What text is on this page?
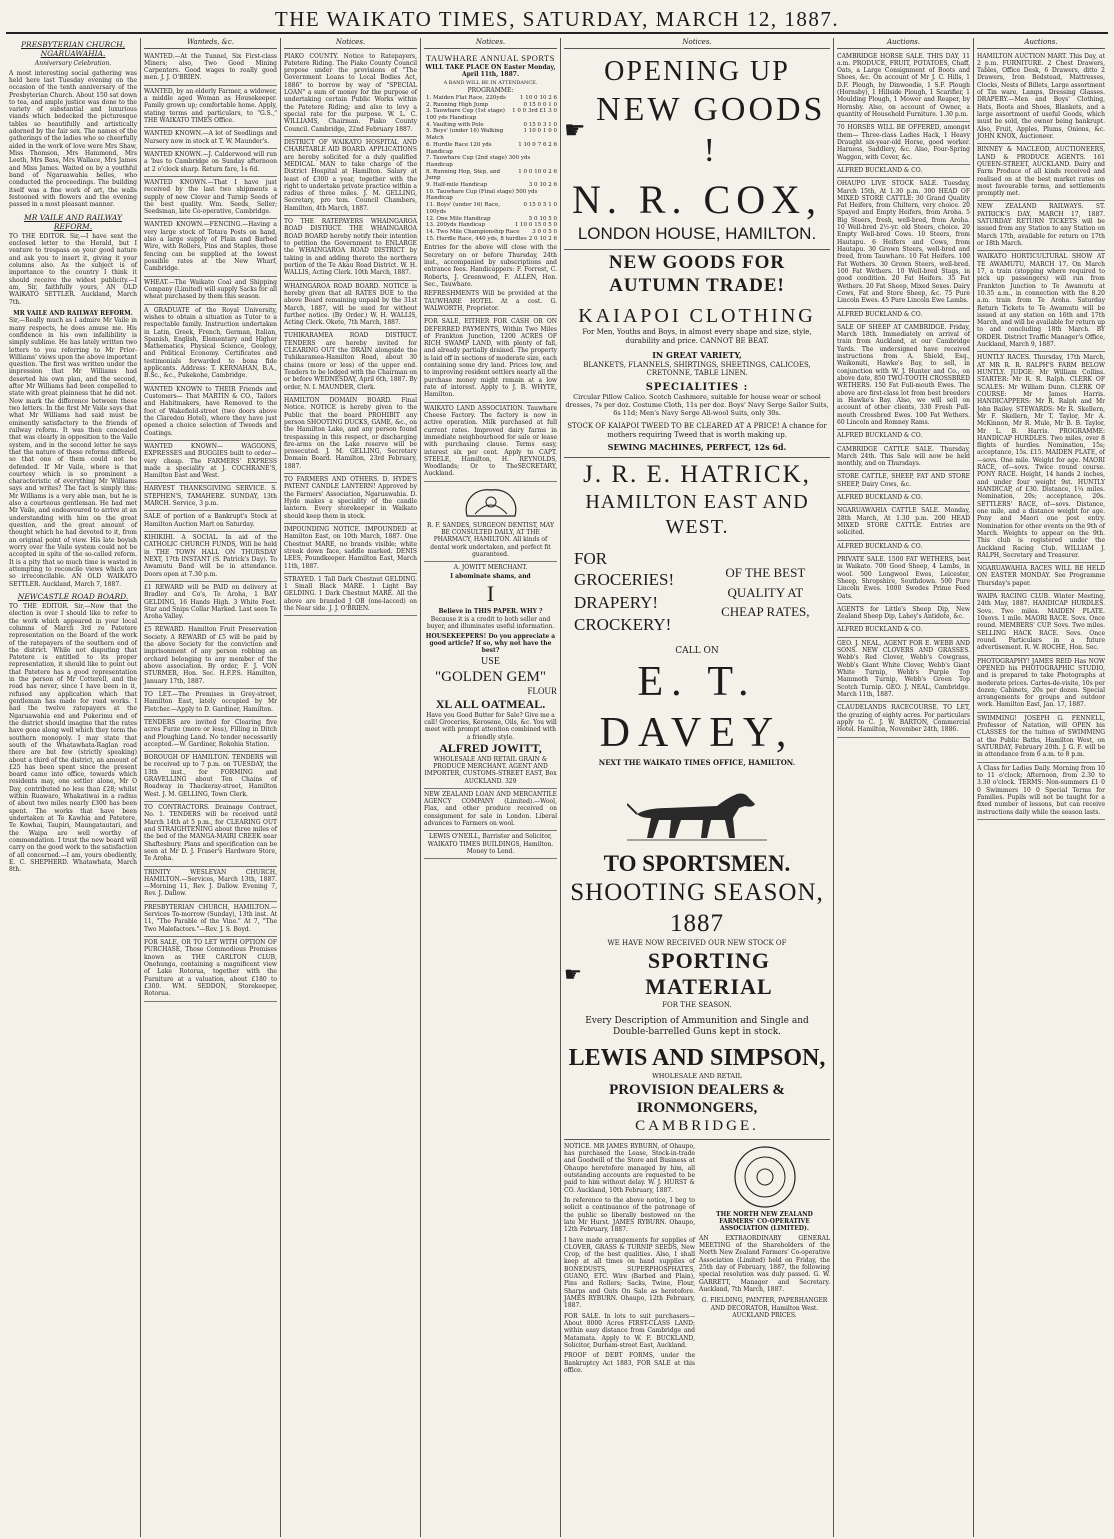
THE WAIKATO TIMES, SATURDAY, MARCH 12, 1887.
PRESBYTERIAN CHURCH, NGARUAWAHIA.
Anniversary Celebration.
A most interesting social gathering was held here last Tuesday evening on the occasion of the tenth anniversary of the Presbyterian Church. About 150 sat down to tea, and ample justice was done to the variety of substantial and luxurious viands which bedecked the picturesque tables so beautifully and artistically adorned by the fair sex. The names of the gatherings of the ladies who so cheerfully aided in the work of love were Mrs Shaw, Miss Thomson, Mrs Hammond, Mrs Leeth, Mrs Bass, Mrs Wallace, Mrs James and Miss James. Waited on by a youthful band of Ngaruawahia belles, who conducted the proceedings. The building itself was a fine work of art, the walls festooned with flowers and the evening passed in a most pleasant manner.
MR VAILE AND RAILWAY REFORM.
TO THE EDITOR. Sir,—I have sent the enclosed letter to the Herald, but I venture to trespass on your good nature and ask you to insert it, giving it your columns also. As the subject is of importance to the country I think it should receive the widest publicity.—I am, Sir, faithfully yours, AN OLD WAIKATO SETTLER. Auckland, March 7th.
MR VAILE AND RAILWAY REFORM.
Sir,—Really much as I admire Mr Vaile in many respects, he does amuse me. His confidence in his own infallibility is simply sublime. He has lately written two letters to you referring to Mr Prior-Williams' views upon the above important question. The first was written under the impression that Mr Williams had deserted his own plan, and the second, after Mr Williams had been compelled to state with great plainness that he did not. Now mark the difference between these two letters. In the first Mr Vaile says that what Mr Williams had said must be eminently satisfactory to the friends of railway reform. It was then concealed that was clearly in opposition to the Vaile system, and in the second letter he says that the nature of these reforms differed, so that one of them could not be defended. If Mr Vaile, where is that courtesy which is so prominent a characteristic of everything Mr Williams says and writes? The fact is simply this: Mr Williams is a very able man, but he is also a courteous gentleman. He had met Mr Vaile, and endeavoured to arrive at an understanding with him on the great question, and the great amount of thought which he had devoted to it, from an original point of view. His late boyish worry over the Vaile system could not be accepted in spite of the so-called reform. It is a pity that so much time is wasted in attempting to reconcile views which are so irreconcilable. AN OLD WAIKATO SETTLER. Auckland, March 7, 1887.
NEWCASTLE ROAD BOARD.
TO THE EDITOR. Sir,—Now that the election is over I should like to refer to the work which appeared in your local columns of March 3rd re Patetere representation on the Board of the work of the ratepayers of the southern end of the district. While not disputing that Patetere is entitled to its proper representation, it should like to point out that Patetere has a good representation in the person of Mr Cotterell, and the road has never, since I have been in it, refused any application which that gentleman has made for road works. I had the twelve ratepayers at the Ngaruawahia end and Pukerimu end of the district should imagine that the rates have gone along well which they term the southern monopoly. I may state that south of the Whatawhata-Raglan road there are but few (strictly speaking) about a third of the district, an amount of £25 has been spent since the present board came into office, towards which residents may, one settler alone, Mr O Day, contributed no less than £28; whilst within Ruawaro, Whakatiwai in a radius of about two miles nearly £300 has been spent. The works that have been undertaken at Te Kawhia and Patetere, Te Kowhai, Taupiri, Maungatautari, and the Waipa are well worthy of commendation. I trust the new board will carry on the good work to the satisfaction of all concerned.—I am, yours obediently, E. C. SHEPHERD. Whatawhata, March 8th.
Wanteds, &c.
WANTED.—At the Tunnel, Six First-class Miners; also, Two Good Mining Carpenters. Good wages to really good men. J. J. O'BRIEN.
WANTED, by an elderly Farmer, a widower, a middle aged Woman as Housekeeper. Family grown up; comfortable home. Apply, stating terms and particulars, to "G.S.," THE WAIKATO TIMES Office.
WANTED KNOWN.—A lot of Seedlings and Nursery now in stock at T. W. Maunder's.
WANTED KNOWN.—J. Calderwood will run a 'bus to Cambridge on Sunday afternoon at 2 o'clock sharp. Return fare, 1s 6d.
WANTED KNOWN.—That I have just received by the last two shipments a supply of new Clover and Turnip Seeds of the best quality. Wm. Seeds, Seller; Seedsman, late Co-operative, Cambridge.
WANTED KNOWN.—FENCING.—Having a very large stock of Totara Posts on hand, also a large supply of Plain and Barbed Wire, with Rollers, Pins and Staples, those fencing can be supplied at the lowest possible rates at the New Wharf, Cambridge.
WHEAT.—The Waikato Coal and Shipping Company (Limited) will supply Sacks for all wheat purchased by them this season.
A GRADUATE of the Royal University, wishes to obtain a situation as Tutor to a respectable family. Instruction undertaken in Latin, Greek, French, German, Italian, Spanish, English, Elementary and Higher Mathematics, Physical Science, Geology, and Political Economy. Certificates and testimonials forwarded to bona fide applicants. Address: T. KERNAHAN, B.A., B.Sc., &c., Pukekohe, Cambridge.
WANTED KNOWN to THEIR Friends and Customers— That MARTIN & CO., Tailors and Habitmakers, have Removed to the foot of Wakefield-street (two doors above the Claredon Hotel), where they have just opened a choice selection of Tweeds and Coatings.
WANTED KNOWN— WAGGONS, EXPRESSES and BUGGIES built to order—very cheap. The FARMERS' EXPRESS made a speciality at J. COCHRANE'S, Hamilton East and West.
HARVEST THANKSGIVING SERVICE. S. STEPHEN'S, TAMAHERE. SUNDAY, 13th MARCH. Service, 3 p.m.
SALE of portion of a Bankrupt's Stock at Hamilton Auction Mart on Saturday.
KIHIKIHI. A SOCIAL. In aid of the CATHOLIC CHURCH FUNDS, Will be held in THE TOWN HALL ON THURSDAY NEXT, 17th INSTANT (S. Patrick's Day). To Awamutu Band will be in attendance. Doors open at 7.30 p.m.
£1 REWARD will be PAID on delivery at Bradley and Co's, Te Aroha, 1 BAY GELDING, 16 Hands High. 3 White Feet. Star and Snips Collar Marked. Last seen Te Aroha Valley.
£5 REWARD. Hamilton Fruit Preservation Society. A REWARD of £5 will be paid by the above Society for the conviction and imprisonment of any person robbing an orchard belonging to any member of the above association. By order, F. J. VON STURMER, Hon. Sec. H.F.P.S. Hamilton, January 17th, 1887.
TO LET.—The Premises in Grey-street, Hamilton East, lately occupied by Mr Fletcher.—Apply to D. Gardiner, Hamilton.
TENDERS are invited for Clearing five acres Furze (more or less), Filling in Ditch and Ploughing Land. No tender necessarily accepted.—W. Gardiner, Rokohia Station.
BOROUGH OF HAMILTON. TENDERS will be received up to 7 p.m. on TUESDAY, the 13th inst., for FORMING and GRAVELLING about Ten Chains of Roadway in Thackeray-street, Hamilton West. J. M. GELLING, Town Clerk.
TO CONTRACTORS. Drainage Contract, No. 1. TENDERS will be received until March 14th at 5 p.m., for CLEARING OUT and STRAIGHTENING about three miles of the bed of the MANGA-MAIRI CREEK near Shaftesbury. Plans and specification can be seen at Mr D. J. Fraser's Hardware Store, Te Aroha.
TRINITY WESLEYAN CHURCH, HAMILTON.—Services, March 13th, 1887.—Morning 11, Rev. J. Dallow. Evening 7, Rev. J. Dallow.
PRESBYTERIAN CHURCH, HAMILTON.—Services To-morrow (Sunday), 13th inst. At 11, "The Parable of the Vine." At 7, "The Two Malefactors."—Rev. J. S. Boyd.
FOR SALE, OR TO LET WITH OPTION OF PURCHASE, Those Commodious Premises known as THE CARLTON CLUB, Onehunga, containing a magnificent view of Lake Rotorua, together with the Furniture at a valuation, about £180 to £300. WM. SEDDON, Storekeeper, Rotorua.
Notices.
PIAKO COUNTY. Notice to Ratepayers, Patetere Riding. The Piako County Council propose under the provisions of "The Government Loans to Local Bodies Act, 1886" to borrow by way of "SPECIAL LOAN" a sum of money for the purpose of undertaking certain Public Works within the Patetere Riding; and also to levy a special rate for the purpose. W. L. C. WILLIAMS, Chairman. Piako County Council. Cambridge, 22nd February 1887.
DISTRICT OF WAIKATO HOSPITAL AND CHARITABLE AID BOARD. APPLICATIONS are hereby solicited for a duly qualified MEDICAL MAN to take charge of the District Hospital at Hamilton. Salary at least of £300 a year, together with the right to undertake private practice within a radius of three miles. J. M. GELLING, Secretary, pro tem. Council Chambers, Hamilton, 4th March, 1887.
TO THE RATEPAYERS WHAINGAROA ROAD DISTRICT. THE WHAINGAROA ROAD BOARD hereby notify their intention to petition the Government to ENLARGE the WHAINGAROA ROAD DISTRICT by taking in and adding thereto the northern portion of the Te Akau Road District. W. H. WALLIS, Acting Clerk. 10th March, 1887.
WHAINGAROA ROAD BOARD. NOTICE is hereby given that all RATES DUE to the above Board remaining unpaid by the 31st March, 1887, will be sued for without further notice. (By Order.) W. H. WALLIS, Acting Clerk. Okete, 7th March, 1887.
TUHIKARAMEA ROAD DISTRICT. TENDERS are hereby invited for CLEARING OUT the DRAIN alongside the Tuhikaramea-Hamilton Road, about 30 chains (more or less) of the upper end. Tenders to be lodged with the Chairman on or before WEDNESDAY, April 6th, 1887. By order, N. I. MAUNDER, Clerk.
HAMILTON DOMAIN BOARD. Final Notice. NOTICE is hereby given to the Public that the board PROHIBIT any person SHOOTING DUCKS, GAME, &c., on the Hamilton Lake, and any person found trespassing in this respect, or discharging fire-arms on the Lake reserve will be prosecuted. J. M. GELLING, Secretary Domain Board. Hamilton, 23rd February, 1887.
TO FARMERS AND OTHERS. D. HYDE'S PATENT CANDLE LANTERN! Approved by the Farmers' Association, Ngaruawahia. D. Hyde makes a speciality of the candle lantern. Every storekeeper in Waikato should keep them in stock.
IMPOUNDING NOTICE. IMPOUNDED at Hamilton East, on 10th March, 1887. One Chestnut MARE, no brands visible; white streak down face, saddle marked. DENIS LEES, Poundkeeper. Hamilton East, March 11th, 1887.
STRAYED. 1 Tall Dark Chestnut GELDING. 1 Small Black MARE. 1 Light Bay GELDING. 1 Dark Chestnut MARE. All the above are branded J OB (one-lacced) on the Near side. J. J. O'BRIEN.
Notices.
TAUWHARE ANNUAL SPORTS
WILL TAKE PLACE ON Easter Monday, April 11th, 1887.
A BAND WILL BE IN ATTENDANCE.
PROGRAMME:
1. Maiden Flat Race, 220yds	1 10 0 10 2 6
2. Running High Jump	0 15 0 0 1 0
3. Tauwhare Cup (1st stage) 100 yds Handicap
1 0 0 3rd £1 3 0
4. Vaulting with Pole	0 15 0 3 1 0
5. Boys' (under 16) Walking Match
1 10 0 1 0 0
6. Hurdle Race 120 yds Handicap
1 10 0 7 6 2 6
7. Tauwhare Cup (2nd stage) 300 yds Handicap
8. Running Hop, Step, and Jump
1 0 0 10 0 2 6
9. Half-mile Handicap	3 0 10 2 6
10. Tauwhare Cup (Final stage) 500 yds Handicap
11. Boys' (under 16) Race, 100yds
0 15 0 5 1 0
12. One Mile Handicap	5 0 10 5 0
13. 200yds Handicap	1 10 0 15 0 5 0
14. Two Mile Championship Race	3 0 0 5 0
15. Hurdle Race, 440 yds, 8 hurdles 2 0 10 2 6
Entries for the above will close with the Secretary on or before Thursday, 24th inst., accompanied by subscriptions and entrance fees. Handicappers: F. Forrest, C. Roberts, J. Greenwood, F. ALLEN, Hon. Sec., Tauwhare.
REFRESHMENTS Will be provided at the TAUWHARE HOTEL At a cost. G. WALWORTH, Proprietor.
FOR SALE, EITHER FOR CASH OR ON DEFERRED PAYMENTS, Within Two Miles of Frankton Junction, 1200 ACRES OF RICH SWAMP LAND, with plenty of fall, and already partially drained. The property is laid off in sections of moderate size, each containing some dry land. Prices low, and to improving resident settlers nearly all the purchase money might remain at a low rate of interest. Apply to J. B. WHYTE, Hamilton.
WAIKATO LAND ASSOCIATION. Tauwhare Cheese Factory. The factory is now in active operation. Milk purchased at full current rates. Improved dairy farms in immediate neighbourhood for sale or lease with purchasing clause. Terms easy, interest six per cent. Apply to CAPT. STEELE, Hamilton, H. REYNOLDS, Woodlands; Or to TheSECRETARY, Auckland.
R. F. SANDES, SURGEON DENTIST, MAY BE CONSULTED DAILY, AT THE PHARMACY, HAMILTON. All kinds of dental work undertaken, and perfect fit guaranteed.
A. JOWITT MERCHANT.
I abominate shams, and
I
Believe in THIS PAPER. WHY ?
Because it is a credit to both seller and buyer, and illuminates useful information.
HOUSEKEEPERS! Do you appreciate a good article? If so, why not have the best?
USE
"GOLDEN GEM"
FLOUR
XL ALL OATMEAL.
Have you Good Butter for Sale? Give me a call! Groceries, Kerosene, Oils, &c. You will meet with prompt attention combined with a friendly style.
ALFRED JOWITT,
WHOLESALE AND RETAIL GRAIN & PRODUCE MERCHANT. AGENT AND IMPORTER, CUSTOMS-STREET EAST, Box AUCKLAND. 329
NEW ZEALAND LOAN AND MERCANTILE AGENCY COMPANY (Limited).—Wool, Flax, and other produce received on consignment for sale in London. Liberal advances to Farmers on wool.
LEWIS O'NEILL, Barrister and Solicitor, WAIKATO TIMES BUILDINGS, Hamilton. Money to Lend.
Notices.
OPENING UP
☛
NEW GOODS !
N. R. COX,
LONDON HOUSE, HAMILTON.
NEW GOODS FOR AUTUMN TRADE!
KAIAPOI CLOTHING
For Men, Youths and Boys, in almost every shape and size, style, durability and price. CANNOT BE BEAT.
IN GREAT VARIETY,
BLANKETS, FLANNELS, SHIRTINGS, SHEETINGS, CALICOES, CRETONNE, TABLE LINEN.
SPECIALITIES :
Circular Pillow Calico. Scotch Cashmere, suitable for house wear or school dresses, 7s per doz. Costume Cloth, 11s per doz. Boys' Navy Serge Sailor Suits, 6s 11d; Men's Navy Serge All-wool Suits, only 30s.
STOCK OF KAIAPOI TWEED TO BE CLEARED AT A PRICE! A chance for mothers requiring Tweed that is worth making up.
SEWING MACHINES, PERFECT, 12s 6d.
J. R. E. HATRICK,
HAMILTON EAST AND WEST.
FOR GROCERIES!
DRAPERY!
CROCKERY!
OF THE BEST QUALITY AT CHEAP RATES,
CALL ON
E. T. DAVEY,
NEXT THE WAIKATO TIMES OFFICE, HAMILTON.
TO SPORTSMEN.
SHOOTING SEASON, 1887
WE HAVE NOW RECEIVED OUR NEW STOCK OF
☛
SPORTING MATERIAL
FOR THE SEASON.
Every Description of Ammunition and Single and Double-barrelled Guns kept in stock.
LEWIS AND SIMPSON,
WHOLESALE AND RETAIL
PROVISION DEALERS & IRONMONGERS,
CAMBRIDGE.
NOTICE. MR JAMES RYBURN, of Ohaupo, has purchased the Lease, Stock-in-trade and Goodwill of the Store and Business at Ohaupo heretofore managed by him, all outstanding accounts are requested to be paid to him without delay. W. J. HURST & CO. Auckland, 10th February, 1887.
In reference to the above notice, I beg to solicit a continuance of the patronage of the public so liberally bestowed on the late Mr Hurst. JAMES RYBURN. Ohaupo, 12th February, 1887.
I have made arrangements for supplies of CLOVER, GRASS & TURNIP SEEDS, New Crop, of the best qualities. Also, I shall keep at all times on hand supplies of BONEDUSTS, SUPERPHOSPHATES, GUANO, ETC. Wire (Barbed and Plain), Pins and Rollers; Sacks, Twine, Flour, Sharps and Oats On Sale as heretofore. JAMES RYBURN. Ohaupo, 12th February, 1887.
FOR SALE. In lots to suit purchasers—About 8000 Acres FIRST-CLASS LAND; within easy distance from Cambridge and Matamata. Apply to W. F. BUCKLAND, Solicitor, Durham-street East, Auckland.
PROOF of DEBT FORMS, under the Bankruptcy Act 1883, FOR SALE at this office.
THE NORTH NEW ZEALAND FARMERS' CO-OPERATIVE ASSOCIATION (LIMITED).
AN EXTRAORDINARY GENERAL MEETING of the Shareholders of the North New Zealand Farmers' Co-operative Association (Limited) held on Friday, the 25th day of February, 1887, the following special resolution was duly passed. G. W. GARRETT, Manager and Secretary. Auckland, 7th March, 1887.
G. FIELDING, PAINTER, PAPERHANGER AND DECORATOR, Hamilton West. AUCKLAND PRICES.
Auctions.
CAMBRIDGE HORSE SALE. THIS DAY, 11 a.m. PRODUCE, FRUIT, POTATOES, Chaff, Oats, a Large Consignment of Boots and Shoes, &c. On account of Mr J. C. Hills, 1 D.F. Plough, by Dinwoodie, 1 S.F. Plough (Hornsby), 1 Hillside Plough, 1 Scarifier, 1 Moulding Plough, 1 Mower and Reaper, by Hornsby. Also, on account of Owner, a quantity of Household Furniture. 1.30 p.m.
70 HORSES WILL BE OFFERED, amongst them— Three-class Ladies Hack, 1 Heavy Draught six-year-old Horse, good worker. Harness, Saddlery, &c. Also, Four-Spring Waggon, with Cover, &c.
ALFRED BUCKLAND & CO.
OHAUPO LIVE STOCK SALE. Tuesday, March 15th, At 1.30 p.m. 300 HEAD OF MIXED STORE CATTLE: 30 Grand Quality Fat Heifers, from Chiltern, very choice. 20 Spayed and Empty Heifers, from Aroha. 5 Big Steers, fresh, well-bred, from Aroha. 10 Well-bred 2½-yr. old Steers, choice. 20 Empty Well-bred Cows. 10 Steers, from Hautapu. 6 Heifers and Cows, from Hautapu. 30 Grown Steers, well-bred and freed, from Tauwhare. 10 Fat Heifers. 100 Fat Wethers. 30 Grown Steers, well-bred. 100 Fat Wethers. 10 Well-bred Stags, in good condition. 20 Fat Heifers. 35 Fat Wethers. 20 Fat Sheep, Mixed Sexes. Dairy Cows, Fat and Store Sheep, &c. 75 Pure Lincoln Ewes. 45 Pure Lincoln Ewe Lambs.
ALFRED BUCKLAND & CO.
SALE OF SHEEP AT CAMBRIDGE. Friday, March 18th. Immediately on arrival of train from Auckland, at our Cambridge Yards. The undersigned have received instructions from A. Shield, Esq., Waikomiti, Hawke's Bay, to sell, in conjunction with W. J. Hunter and Co., on above date, 850 TWO-TOOTH CROSSBRED WETHERS. 150 Fat Full-mouth Ewes. The above are first-class lot from best breeders in Hawke's Bay. Also, we will sell on account of other clients, 330 Fresh Full-mouth Crossbred Ewes. 100 Fat Wethers. 60 Lincoln and Romney Rams.
ALFRED BUCKLAND & CO.
CAMBRIDGE CATTLE SALE. Thursday, March 24th. This Sale will now be held monthly, and on Thursdays.
STORE CATTLE, SHEEP, FAT AND STORE SHEEP, Dairy Cows, &c.
ALFRED BUCKLAND & CO.
NGARUAWAHIA CATTLE SALE. Monday, 28th March, At 1.30 p.m. 200 HEAD MIXED STORE CATTLE. Entries are solicited.
ALFRED BUCKLAND & CO.
PRIVATE SALE. 1500 FAT WETHERS, best in Waikato. 700 Good Sheep, 4 Lambs, in wool. 500 Longwool Ewes, Leicester, Sheep, Shropshire, Southdown. 500 Pure Lincoln Ewes. 1000 Swedes Prime Feed Oats.
AGENTS for Little's Sheep Dip, New Zealand Sheep Dip, Lahey's Antidote, &c.
ALFRED BUCKLAND & CO.
GEO. J. NEAL, AGENT FOR E. WEBB AND SONS. NEW CLOVERS AND GRASSES. Webb's Red Clover, Webb's Cowgrass, Webb's Giant White Clover, Webb's Giant White Turnip, Webb's Purple Top Mammoth Turnip, Webb's Green Top Scotch Turnip. GEO. J. NEAL, Cambridge. March 11th, 1887.
CLAUDELANDS RACECOURSE. TO LET, the grazing of eighty acres. For particulars apply to C. J. W. BARTON, Commercial Hotel. Hamilton, November 24th, 1886.
Auctions.
HAMILTON AUCTION MART. This Day, at 2 p.m. FURNITURE. 2 Chest Drawers, Tables, Office Desk, 6 Drawers, ditto 2 Drawers, Iron Bedstead, Mattresses, Clocks, Nests of Billets, Large assortment of Tin ware, Lamps, Dressing Glasses. DRAPERY.—Men and Boys' Clothing, Hats, Boots and Shoes, Blankets, and a large assortment of useful Goods, which must be sold, the owner being bankrupt. Also, Fruit, Apples, Plums, Onions, &c. JOHN KNOX, Auctioneer.
BINNEY & MACLEOD, AUCTIONEERS, LAND & PRODUCE AGENTS. 161 QUEEN-STREET, AUCKLAND. Dairy and Farm Produce of all kinds received and realised on at the best market rates on most favourable terms, and settlements promptly met.
NEW ZEALAND RAILWAYS. ST. PATRICK'S DAY, MARCH 17, 1887. SATURDAY RETURN TICKETS will be issued from any Station to any Station on March 17th, available for return on 17th or 18th March.
WAIKATO HORTICULTURAL SHOW AT TE AWAMUTU, MARCH 17. On March 17, a train (stopping where required to pick up passengers) will run from Frankton Junction to Te Awamutu at 10.35 a.m., in connection with the 8.20 a.m. train from Te Aroha. Saturday Return Tickets to Te Awamutu will be issued at any station on 16th and 17th March, and will be available for return up to and concluding 18th March. BY ORDER. District Traffic Manager's Office, Auckland, March 9, 1887.
HUNTLY RACES. Thursday, 17th March, AT MR R. R. RALPH'S FARM BELOW HUNTLY. JUDGE: Mr William Collins. STARTER: Mr R. R. Ralph. CLERK OF SCALES: Mr William Dunn. CLERK OF COURSE: Mr James Harris. HANDICAPPERS: Mr R. Ralph and Mr John Bailey. STEWARDS: Mr R. Skellern, Mr F. Skellern, Mr T. Taylor, Mr A. McKinnon, Mr R. Mule, Mr B. B. Taylor, Mr L. B. Harris. PROGRAMME: HANDICAP HURDLES. Two miles, over 8 flights of hurdles. Nomination, 15s; acceptance, 15s. £15. MAIDEN PLATE, of—sovs. One mile. Weight for age. MAORI RACE, of—sovs. Twice round course. PONY RACE. Height, 14 hands 2 inches, and under four weight 9st. HUNTLY HANDICAP, of £30. Distance, 1¼ miles. Nomination, 20s; acceptance, 20s. SETTLERS' RACE, of—sovs. Distance, one mile, and a distance weight for age. Pony and Maori one post entry. Nomination for other events on the 9th of March. Weights to appear on the 9th. This club is registered under the Auckland Racing Club. WILLIAM J. RALPH, Secretary and Treasurer.
NGARUAWAHIA RACES WILL BE HELD ON EASTER MONDAY. See Programme Thursday's paper.
WAIPA RACING CLUB. Winter Meeting, 24th May, 1887. HANDICAP HURDLES. Sovs. Two miles. MAIDEN PLATE. 10sovs. 1 mile. MAORI RACE. Sovs. Once round. MEMBERS' CUP. Sovs. Two miles. SELLING HACK RACE. Sovs. Once round. Particulars in a future advertisement. R. W. ROCHE, Hon. Sec.
PHOTOGRAPHY! JAMES REID Has NOW OPENED his PHOTOGRAPHIC STUDIO, and is prepared to take Photographs at moderate prices. Cartes-de-visite, 10s per dozen; Cabinets, 20s per dozen. Special arrangements for groups and outdoor work. Hamilton East, Jan. 17, 1887.
SWIMMING! JOSEPH G. FENNELL, Professor of Natation, will OPEN his CLASSES for the tuition of SWIMMING at the Public Baths, Hamilton West, on SATURDAY, February 20th. J. G. F. will be in attendance from 6 a.m. to 8 p.m.
A Class for Ladies Daily. Morning from 10 to 11 o'clock; Afternoon, from 2.30 to 3.30 o'clock. TERMS: Non-summers £1 0 0 Swimmers 10 0 Special Terms for Families. Pupils will not be taught for a fixed number of lessons, but can receive instructions daily while the season lasts.
